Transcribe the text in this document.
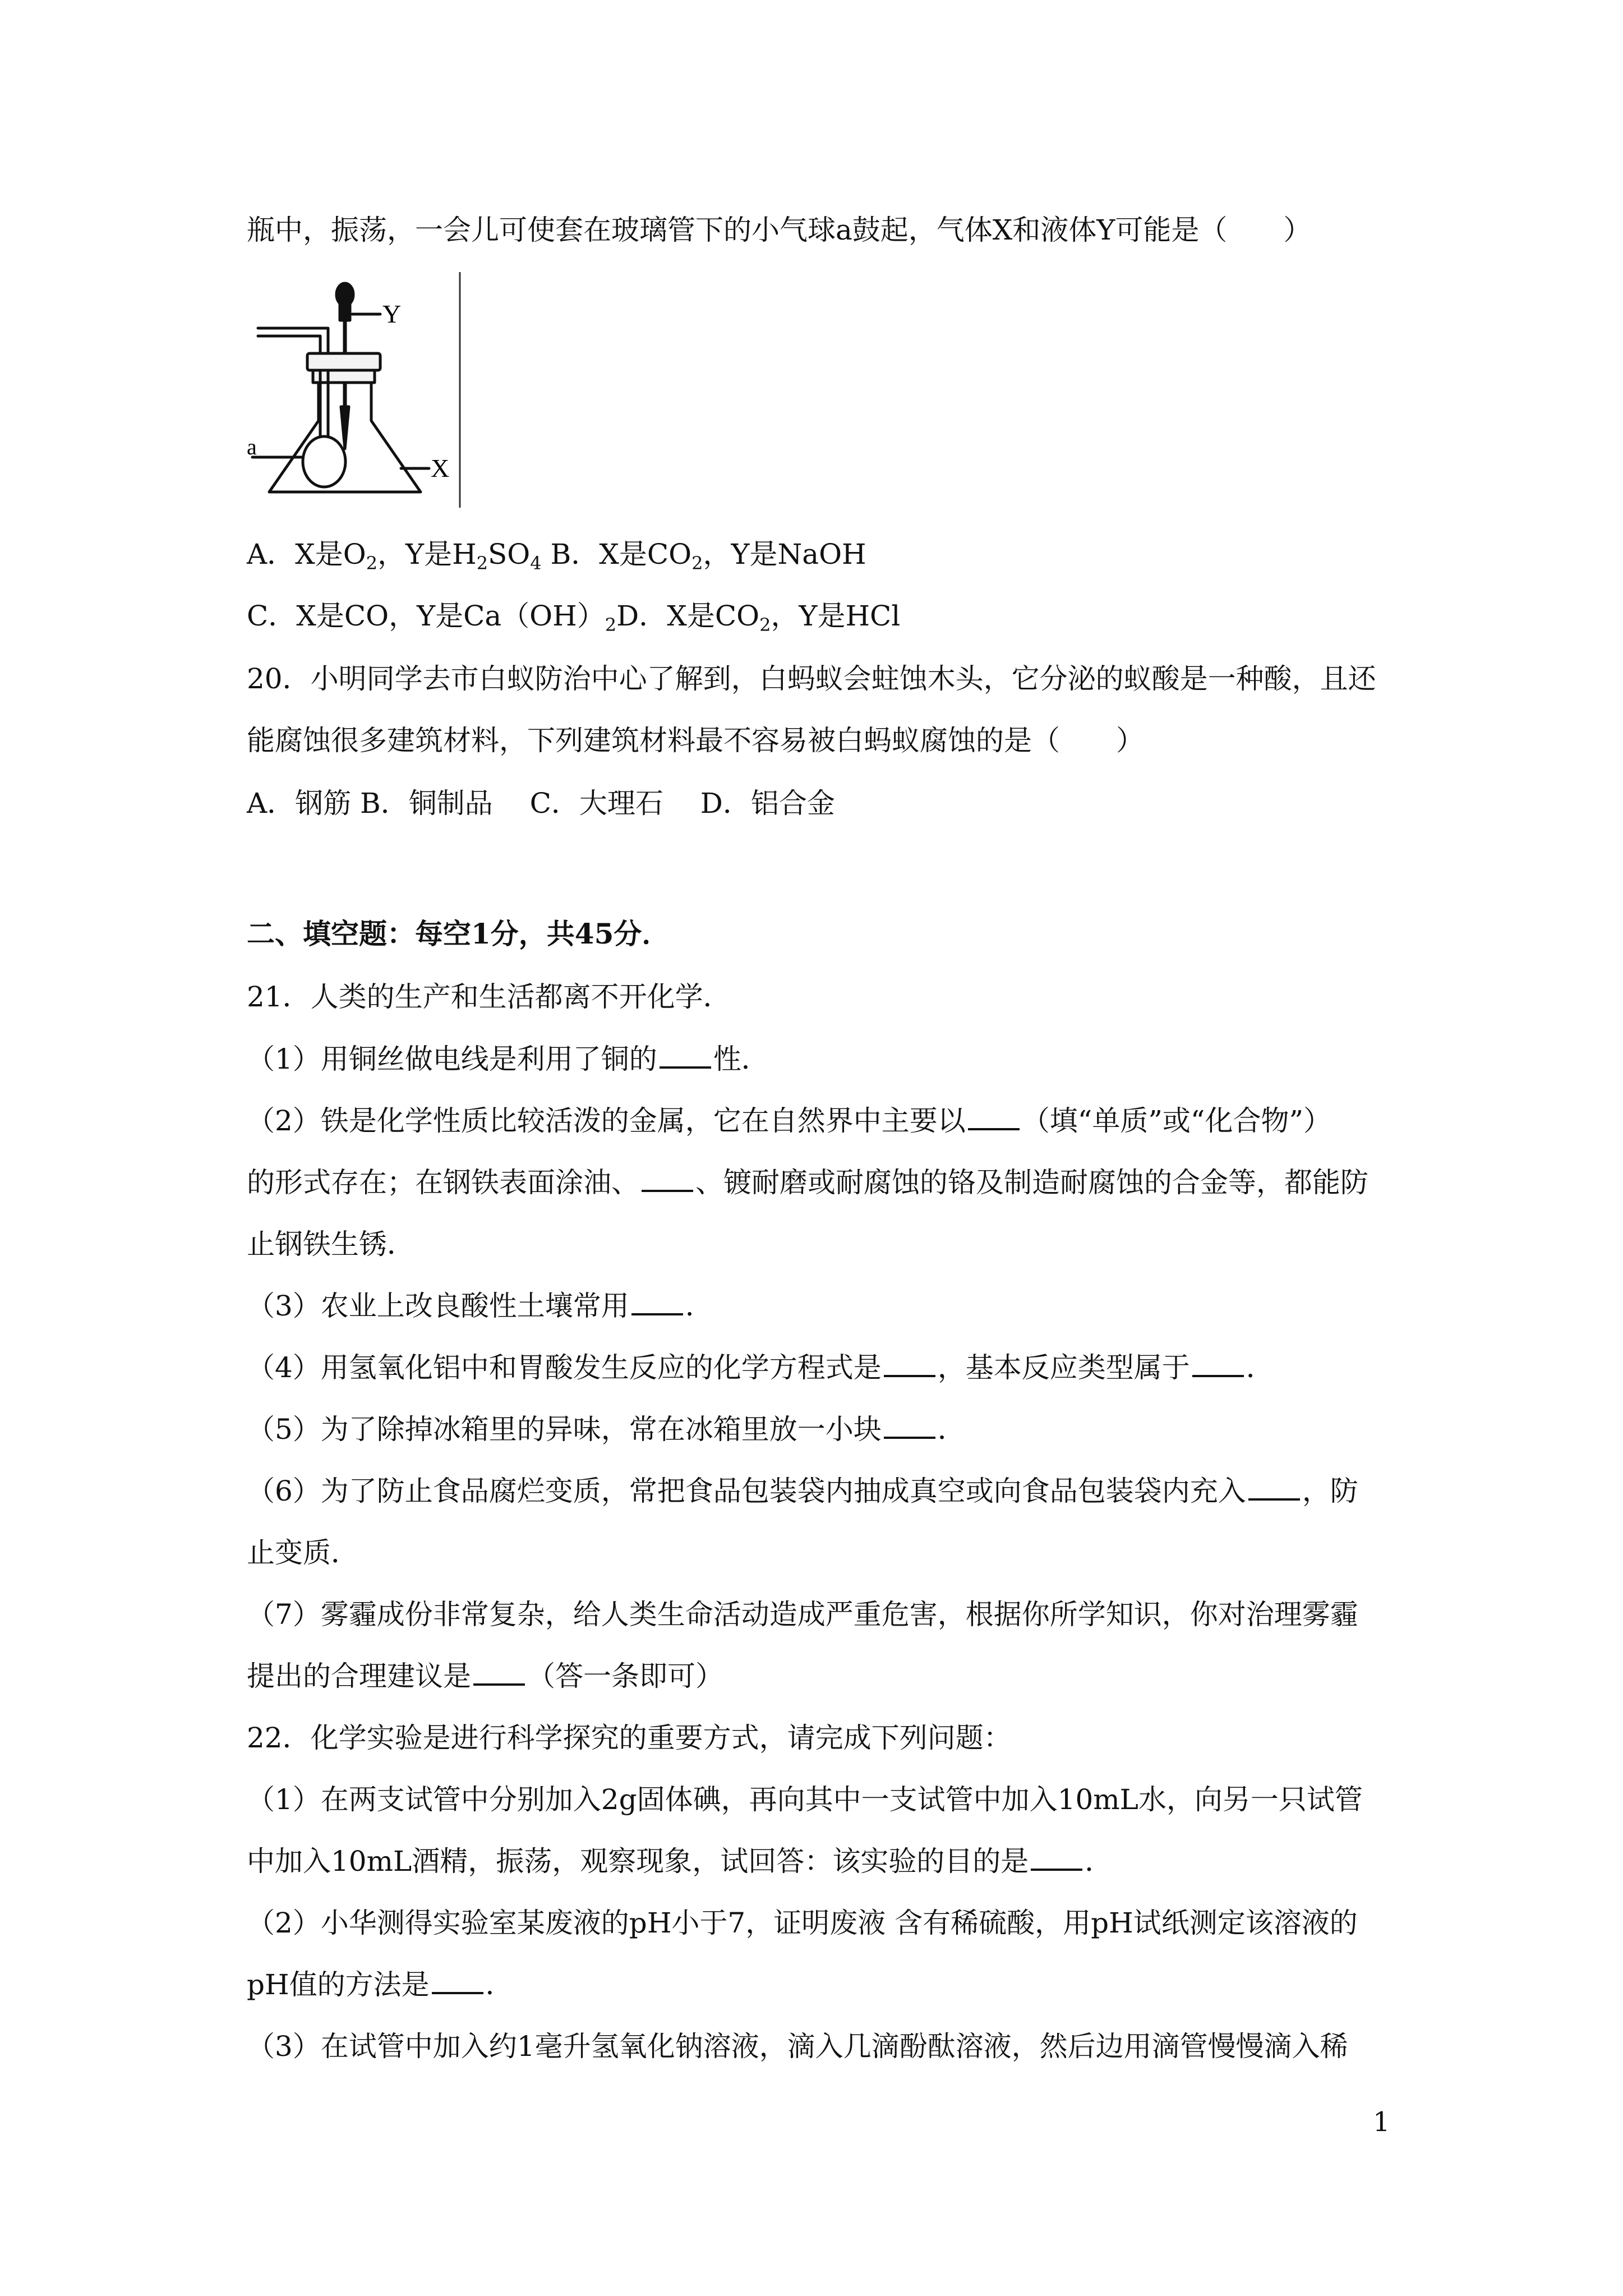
瓶中，振荡，一会儿可使套在玻璃管下的小气球a鼓起，气体X和液体Y可能是（　　）
Y
a
X
A．X是$O_2$，Y是$H_2SO_4$ B．X是$CO_2$，Y是NaOH
C．X是CO，Y是$Ca(OH)_2D$．X是$CO_2$，Y是HCl
20．小明同学去市白蚁防治中心了解到，白蚂蚁会蛀蚀木头，它分泌的蚁酸是一种酸，且还
能腐蚀很多建筑材料，下列建筑材料最不容易被白蚂蚁腐蚀的是（　　）
A．钢筋 B．铜制品　 C．大理石　 D．铝合金
二、填空题：每空1分，共45分．
21．人类的生产和生活都离不开化学．
（1）用铜丝做电线是利用了铜的 性．
（2）铁是化学性质比较活泼的金属，它在自然界中主要以 （填“单质”或“化合物”）
的形式存在；在钢铁表面涂油、 、镀耐磨或耐腐蚀的铬及制造耐腐蚀的合金等，都能防
止钢铁生锈．
（3）农业上改良酸性土壤常用 ．
（4）用氢氧化铝中和胃酸发生反应的化学方程式是 ，基本反应类型属于 ．
（5）为了除掉冰箱里的异味，常在冰箱里放一小块 ．
（6）为了防止食品腐烂变质，常把食品包装袋内抽成真空或向食品包装袋内充入 ，防
止变质．
（7）雾霾成份非常复杂，给人类生命活动造成严重危害，根据你所学知识，你对治理雾霾
提出的合理建议是 （答一条即可）
22．化学实验是进行科学探究的重要方式，请完成下列问题：
（1）在两支试管中分别加入2g固体碘，再向其中一支试管中加入10mL水，向另一只试管
中加入10mL酒精，振荡，观察现象，试回答：该实验的目的是 ．
（2）小华测得实验室某废液的pH小于7，证明废液 含有稀硫酸，用pH试纸测定该溶液的
pH值的方法是 ．
（3）在试管中加入约1毫升氢氧化钠溶液，滴入几滴酚酞溶液，然后边用滴管慢慢滴入稀
1
